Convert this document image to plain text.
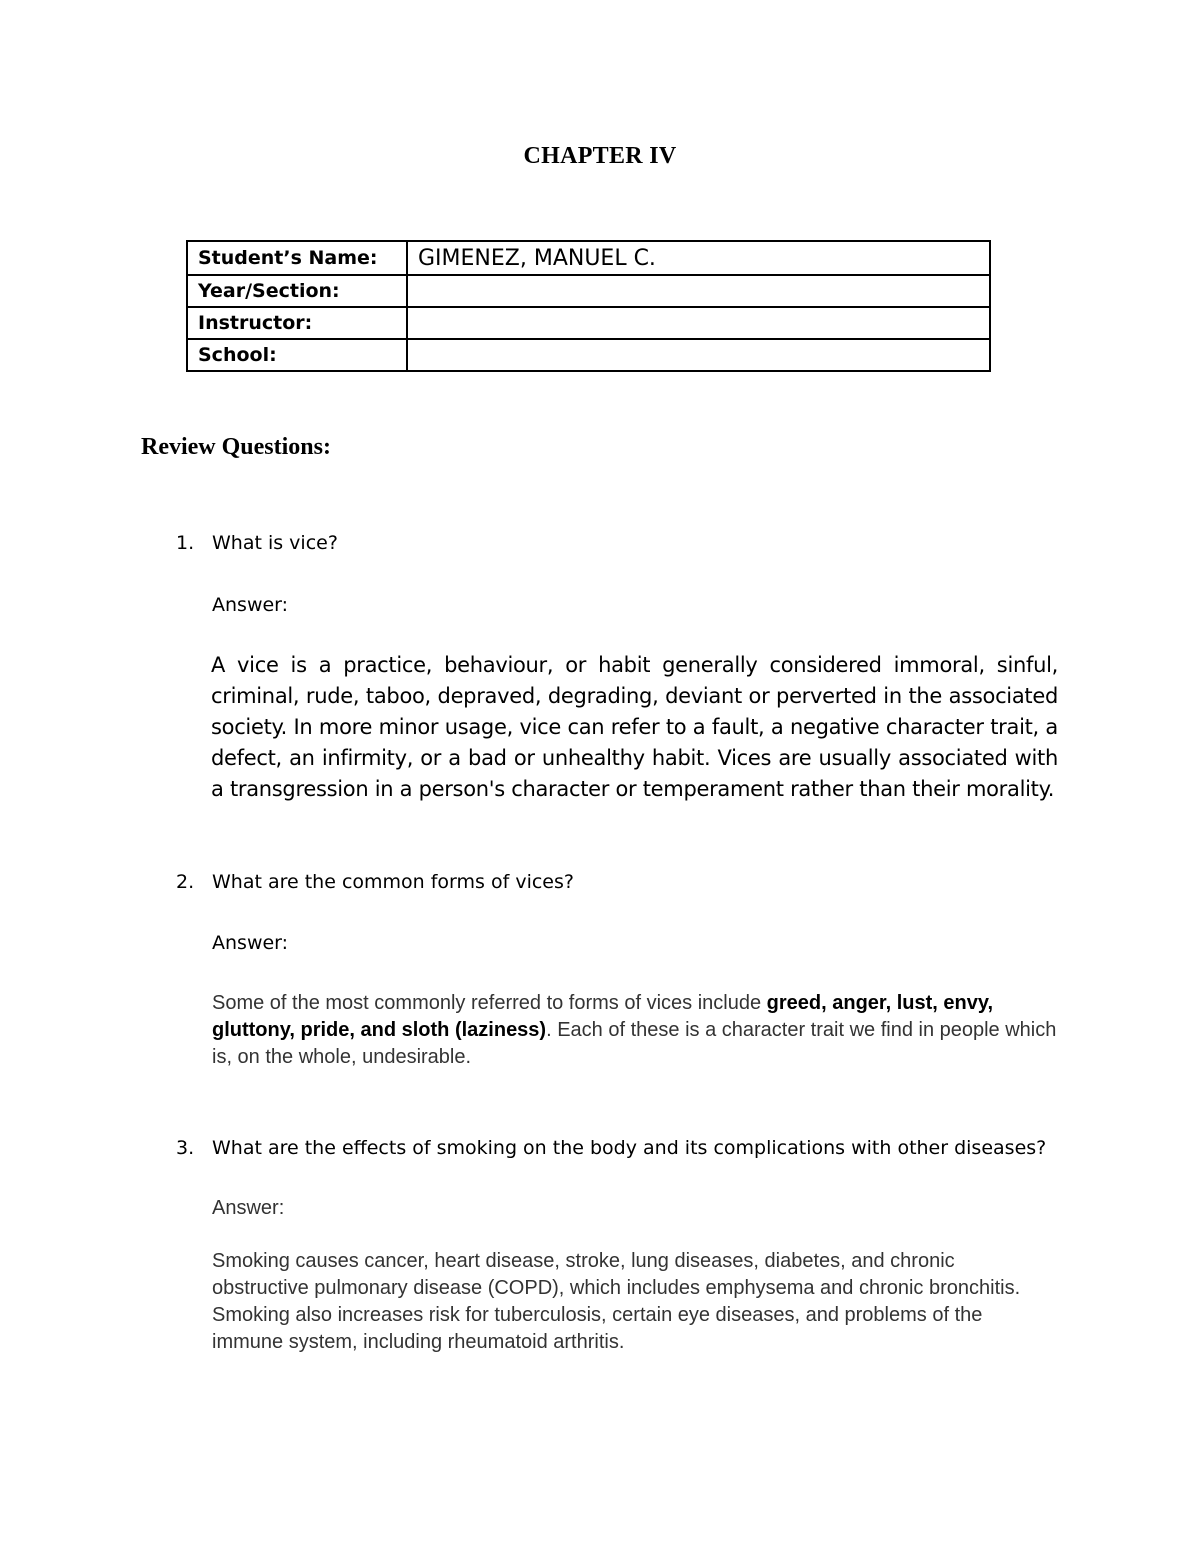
CHAPTER IV
Student’s Name:	GIMENEZ, MANUEL C.
Year/Section:	
Instructor:	
School:	
Review Questions:
1. What is vice?
Answer:
A vice is a practice, behaviour, or habit generally considered immoral, sinful, criminal, rude, taboo, depraved, degrading, deviant or perverted in the associated society. In more minor usage, vice can refer to a fault, a negative character trait, a defect, an infirmity, or a bad or unhealthy habit. Vices are usually associated with a transgression in a person's character or temperament rather than their morality.
2. What are the common forms of vices?
Answer:
Some of the most commonly referred to forms of vices include greed, anger, lust, envy, gluttony, pride, and sloth (laziness). Each of these is a character trait we find in people which is, on the whole, undesirable.
3. What are the effects of smoking on the body and its complications with other diseases?
Answer:
Smoking causes cancer, heart disease, stroke, lung diseases, diabetes, and chronic obstructive pulmonary disease (COPD), which includes emphysema and chronic bronchitis. Smoking also increases risk for tuberculosis, certain eye diseases, and problems of the immune system, including rheumatoid arthritis.
